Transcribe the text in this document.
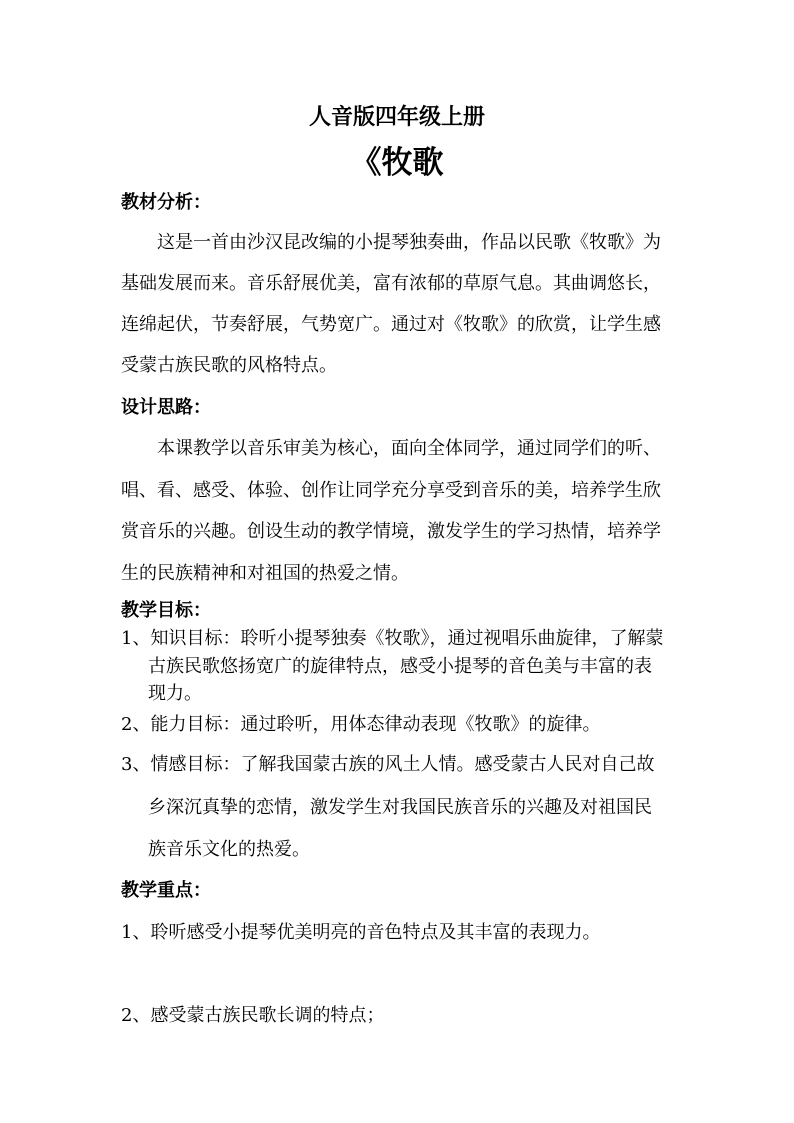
人音版四年级上册
《牧歌
教材分析：
这是一首由沙汉昆改编的小提琴独奏曲，作品以民歌《牧歌》为
基础发展而来。音乐舒展优美，富有浓郁的草原气息。其曲调悠长，
连绵起伏，节奏舒展，气势宽广。通过对《牧歌》的欣赏，让学生感
受蒙古族民歌的风格特点。
设计思路：
本课教学以音乐审美为核心，面向全体同学，通过同学们的听、
唱、看、感受、体验、创作让同学充分享受到音乐的美，培养学生欣
赏音乐的兴趣。创设生动的教学情境，激发学生的学习热情，培养学
生的民族精神和对祖国的热爱之情。
教学目标：
1、知识目标：聆听小提琴独奏《牧歌》，通过视唱乐曲旋律，了解蒙
古族民歌悠扬宽广的旋律特点，感受小提琴的音色美与丰富的表
现力。
2、能力目标：通过聆听，用体态律动表现《牧歌》的旋律。
3、情感目标：了解我国蒙古族的风土人情。感受蒙古人民对自己故
乡深沉真挚的恋情，激发学生对我国民族音乐的兴趣及对祖国民
族音乐文化的热爱。
教学重点：
1、聆听感受小提琴优美明亮的音色特点及其丰富的表现力。
2、感受蒙古族民歌长调的特点；
